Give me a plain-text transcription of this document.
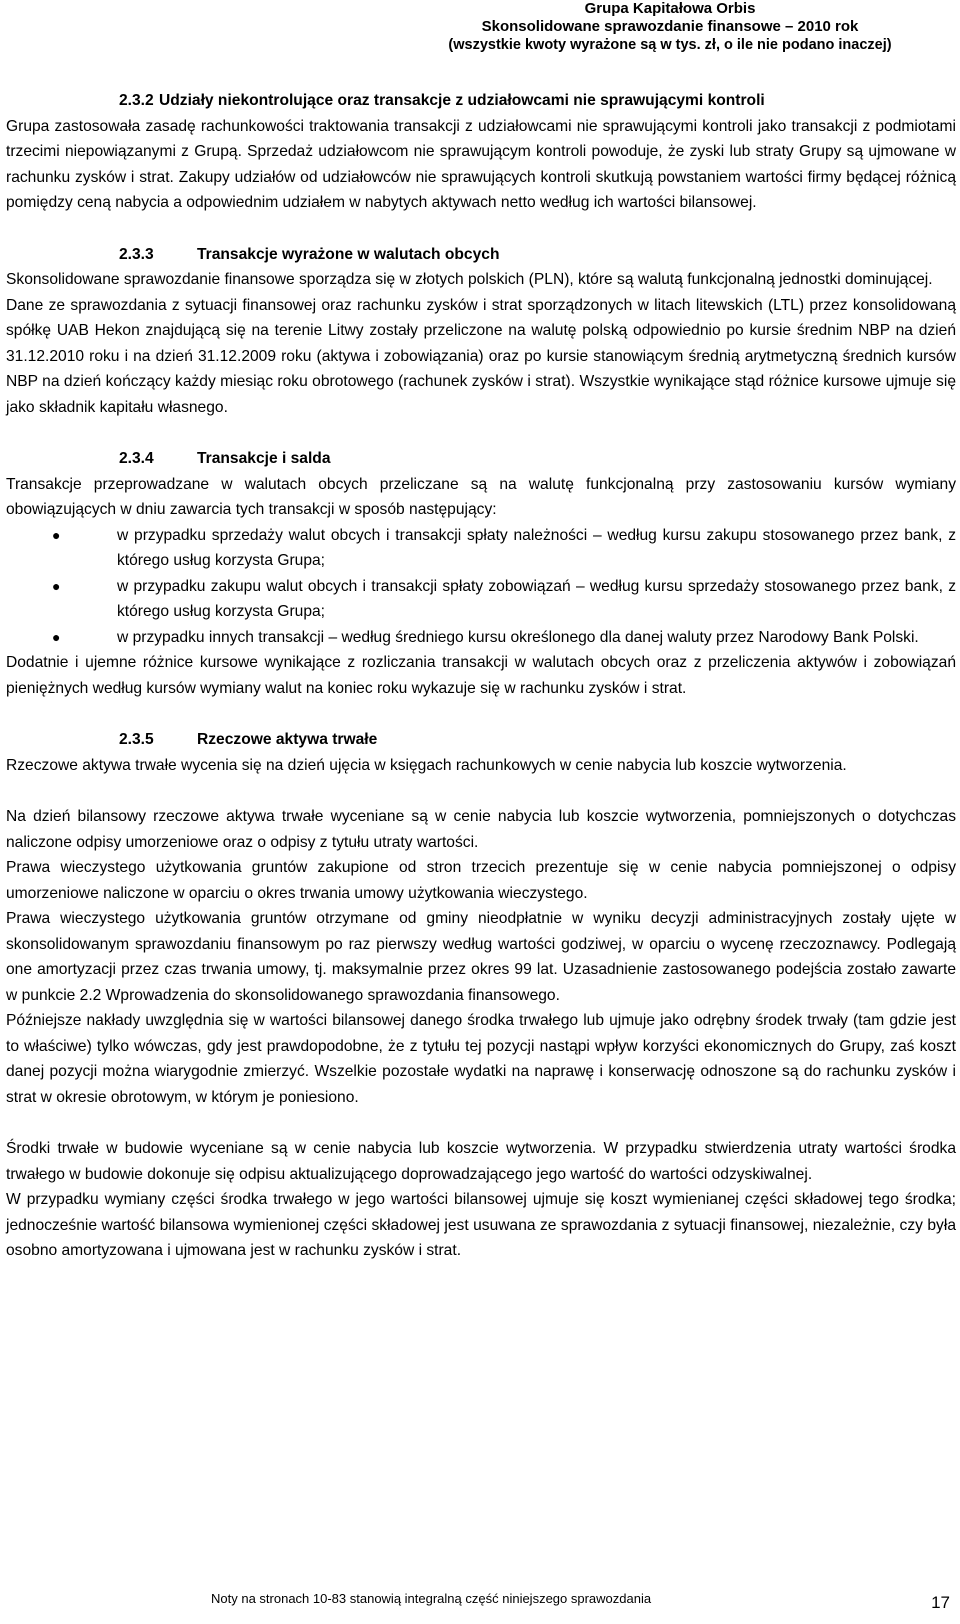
Grupa Kapitałowa Orbis
Skonsolidowane sprawozdanie finansowe – 2010 rok
(wszystkie kwoty wyrażone są w tys. zł, o ile nie podano inaczej)
2.3.2 Udziały niekontrolujące oraz transakcje z udziałowcami nie sprawującymi kontroli

Grupa zastosowała zasadę rachunkowości traktowania transakcji z udziałowcami nie sprawującymi kontroli jako transakcji z podmiotami trzecimi niepowiązanymi z Grupą. Sprzedaż udziałowcom nie sprawującym kontroli powoduje, że zyski lub straty Grupy są ujmowane w rachunku zysków i strat. Zakupy udziałów od udziałowców nie sprawujących kontroli skutkują powstaniem wartości firmy będącej różnicą pomiędzy ceną nabycia a odpowiednim udziałem w nabytych aktywach netto według ich wartości bilansowej.

2.3.3	Transakcje wyrażone w walutach obcych

Skonsolidowane sprawozdanie finansowe sporządza się w złotych polskich (PLN), które są walutą funkcjonalną jednostki dominującej.

Dane ze sprawozdania z sytuacji finansowej oraz rachunku zysków i strat sporządzonych w litach litewskich (LTL) przez konsolidowaną spółkę UAB Hekon znajdującą się na terenie Litwy zostały przeliczone na walutę polską odpowiednio po kursie średnim NBP na dzień 31.12.2010 roku i na dzień 31.12.2009 roku (aktywa i zobowiązania) oraz po kursie stanowiącym średnią arytmetyczną średnich kursów NBP na dzień kończący każdy miesiąc roku obrotowego (rachunek zysków i strat). Wszystkie wynikające stąd różnice kursowe ujmuje się jako składnik kapitału własnego.

2.3.4	Transakcje i salda

Transakcje przeprowadzane w walutach obcych przeliczane są na walutę funkcjonalną przy zastosowaniu kursów wymiany obowiązujących w dniu zawarcia tych transakcji w sposób następujący:

●	w przypadku sprzedaży walut obcych i transakcji spłaty należności – według kursu zakupu stosowanego przez bank, z którego usług korzysta Grupa;
●	w przypadku zakupu walut obcych i transakcji spłaty zobowiązań – według kursu sprzedaży stosowanego przez bank, z którego usług korzysta Grupa;
●	w przypadku innych transakcji – według średniego kursu określonego dla danej waluty przez Narodowy Bank Polski.

Dodatnie i ujemne różnice kursowe wynikające z rozliczania transakcji w walutach obcych oraz z przeliczenia aktywów i zobowiązań pieniężnych według kursów wymiany walut na koniec roku wykazuje się w rachunku zysków i strat.

2.3.5	Rzeczowe aktywa trwałe

Rzeczowe aktywa trwałe wycenia się na dzień ujęcia w księgach rachunkowych w cenie nabycia lub koszcie wytworzenia.

Na dzień bilansowy rzeczowe aktywa trwałe wyceniane są w cenie nabycia lub koszcie wytworzenia, pomniejszonych o dotychczas naliczone odpisy umorzeniowe oraz o odpisy z tytułu utraty wartości.

Prawa wieczystego użytkowania gruntów zakupione od stron trzecich prezentuje się w cenie nabycia pomniejszonej o odpisy umorzeniowe naliczone w oparciu o okres trwania umowy użytkowania wieczystego.

Prawa wieczystego użytkowania gruntów otrzymane od gminy nieodpłatnie w wyniku decyzji administracyjnych zostały ujęte w skonsolidowanym sprawozdaniu finansowym po raz pierwszy według wartości godziwej, w oparciu o wycenę rzeczoznawcy. Podlegają one amortyzacji przez czas trwania umowy, tj. maksymalnie przez okres 99 lat. Uzasadnienie zastosowanego podejścia zostało zawarte w punkcie 2.2 Wprowadzenia do skonsolidowanego sprawozdania finansowego.

Późniejsze nakłady uwzględnia się w wartości bilansowej danego środka trwałego lub ujmuje jako odrębny środek trwały (tam gdzie jest to właściwe) tylko wówczas, gdy jest prawdopodobne, że z tytułu tej pozycji nastąpi wpływ korzyści ekonomicznych do Grupy, zaś koszt danej pozycji można wiarygodnie zmierzyć. Wszelkie pozostałe wydatki na naprawę i konserwację odnoszone są do rachunku zysków i strat w okresie obrotowym, w którym je poniesiono.

Środki trwałe w budowie wyceniane są w cenie nabycia lub koszcie wytworzenia. W przypadku stwierdzenia utraty wartości środka trwałego w budowie dokonuje się odpisu aktualizującego doprowadzającego jego wartość do wartości odzyskiwalnej.

W przypadku wymiany części środka trwałego w jego wartości bilansowej ujmuje się koszt wymienianej części składowej tego środka; jednocześnie wartość bilansowa wymienionej części składowej jest usuwana ze sprawozdania z sytuacji finansowej, niezależnie, czy była osobno amortyzowana i ujmowana jest w rachunku zysków i strat.

Noty na stronach 10-83 stanowią integralną część niniejszego sprawozdania	17
